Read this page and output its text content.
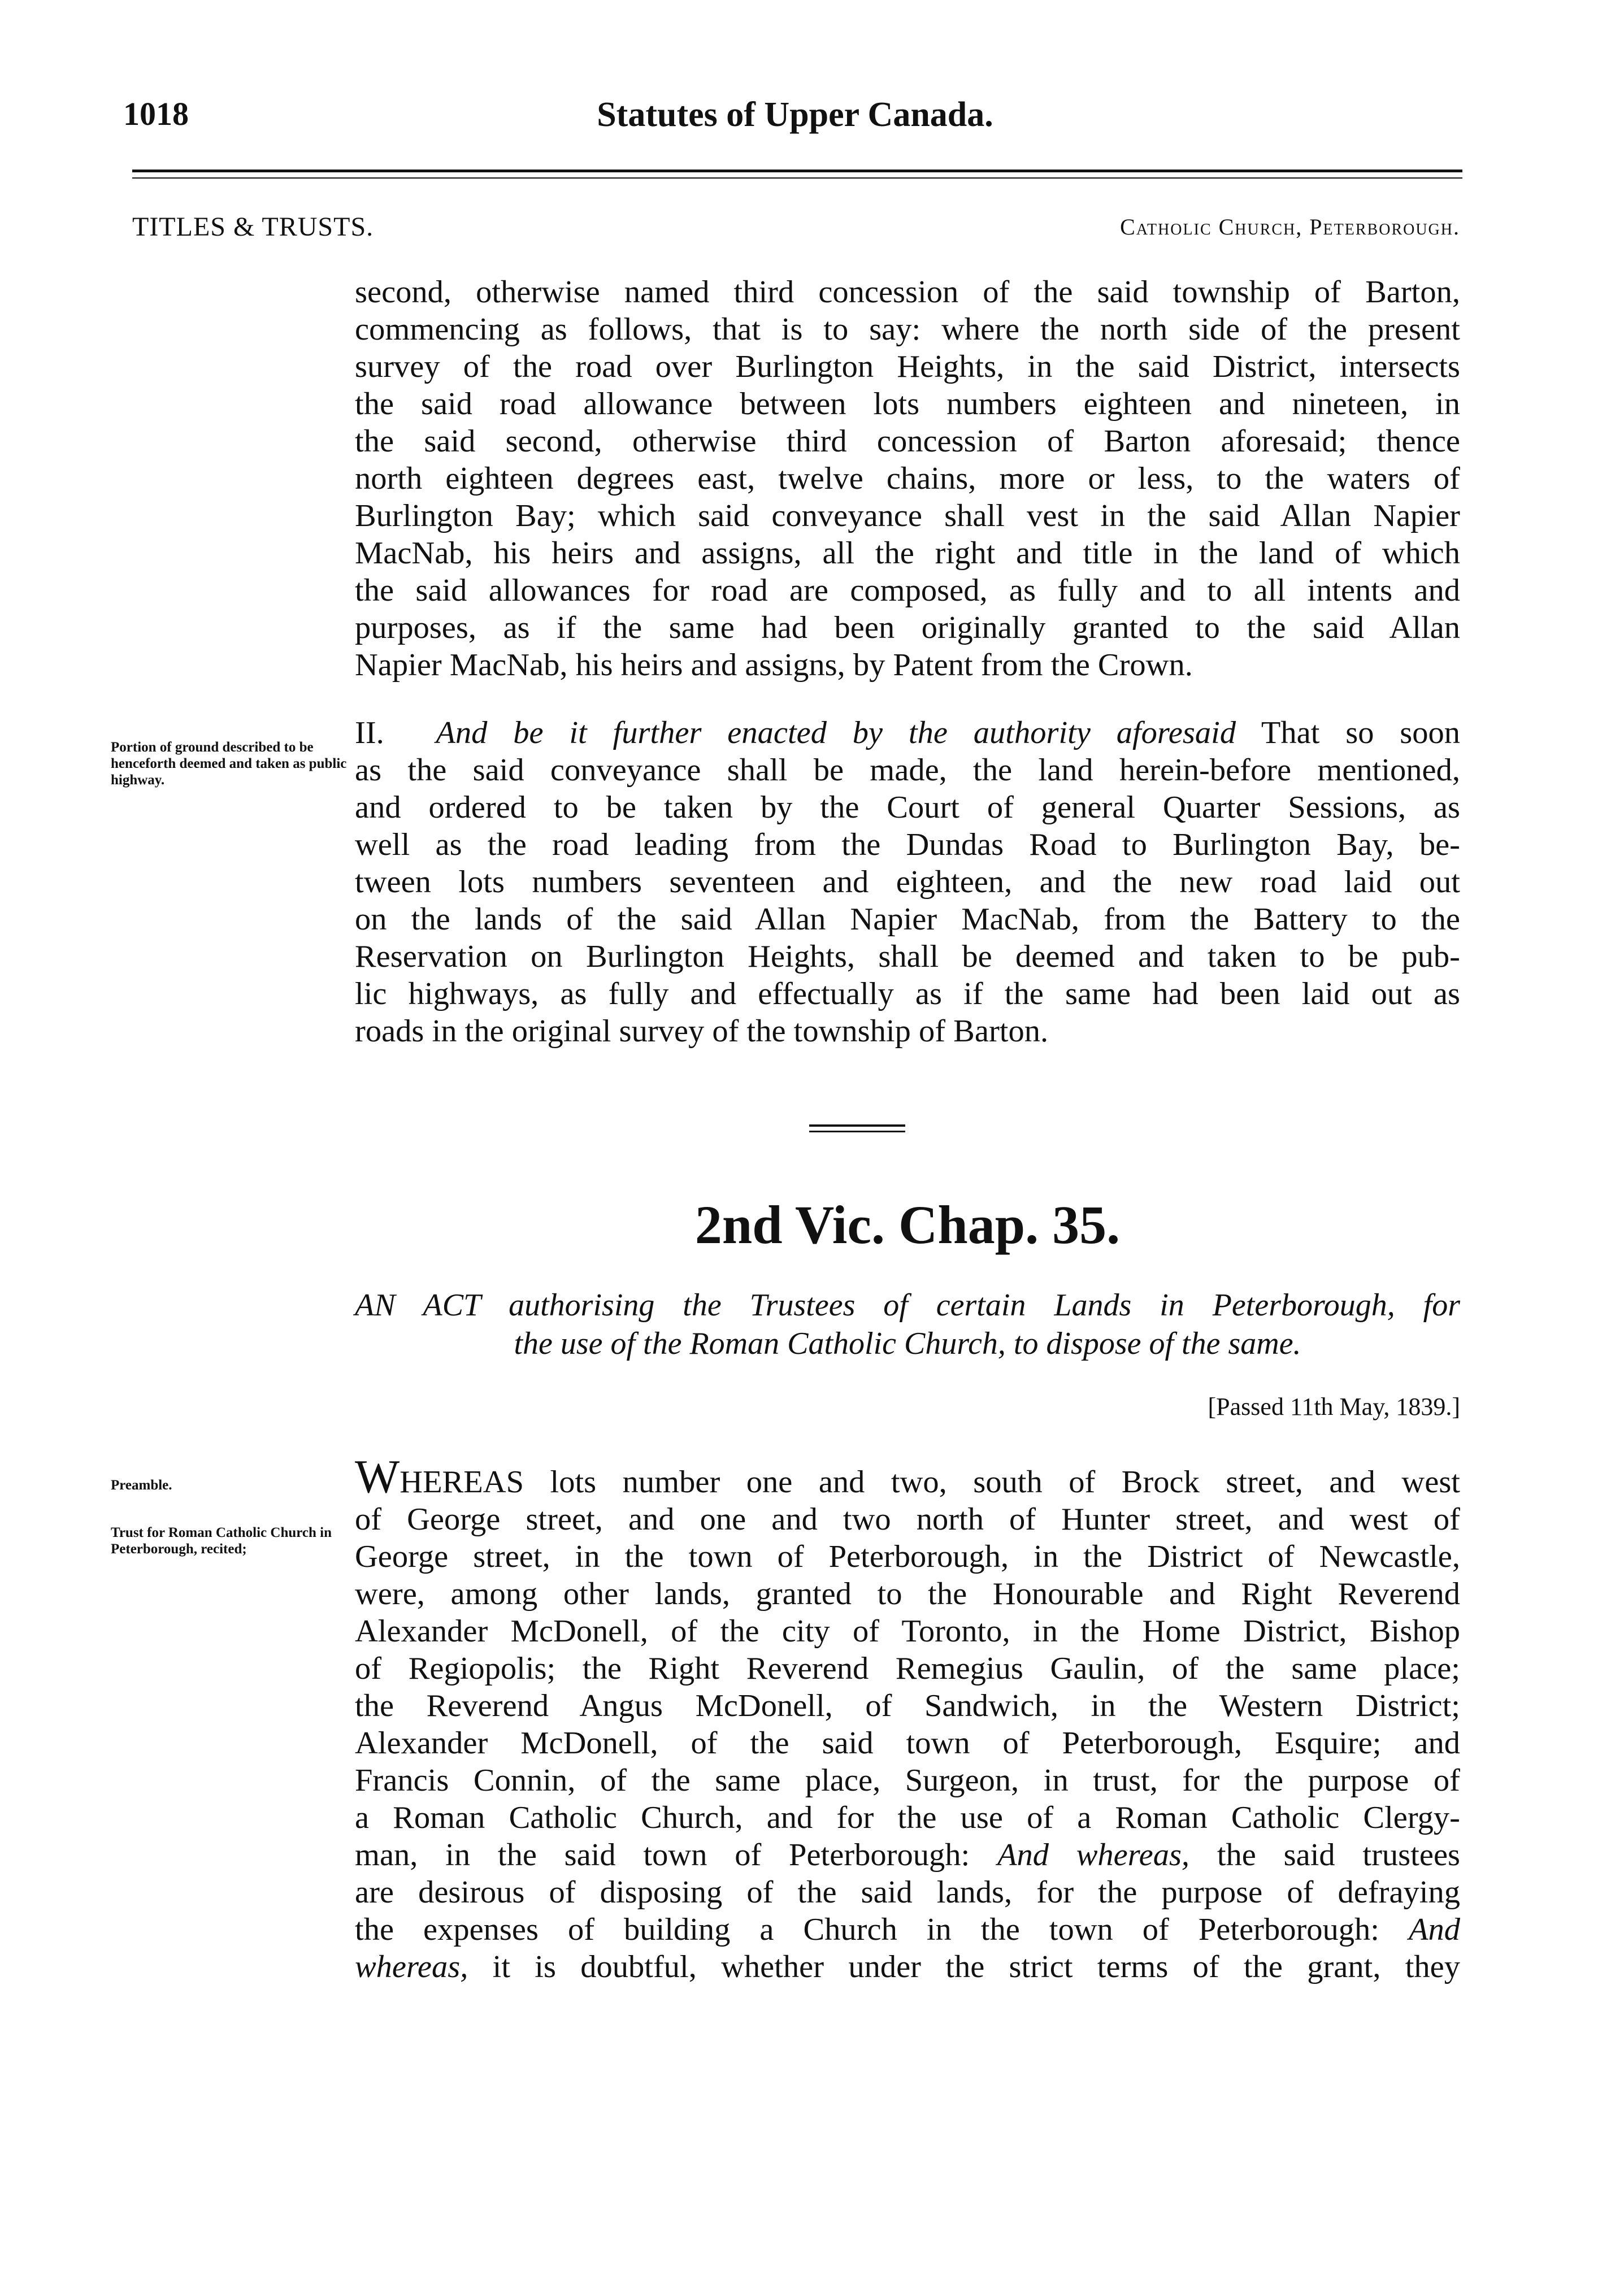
1018	Statutes of Upper Canada.
TITLES & TRUSTS.	Catholic Church, Peterborough.
second, otherwise named third concession of the said township of Barton,
commencing as follows, that is to say: where the north side of the present
survey of the road over Burlington Heights, in the said District, intersects
the said road allowance between lots numbers eighteen and nineteen, in
the said second, otherwise third concession of Barton aforesaid; thence
north eighteen degrees east, twelve chains, more or less, to the waters of
Burlington Bay; which said conveyance shall vest in the said Allan Napier
MacNab, his heirs and assigns, all the right and title in the land of which
the said allowances for road are composed, as fully and to all intents and
purposes, as if the same had been originally granted to the said Allan
Napier MacNab, his heirs and assigns, by Patent from the Crown.
Portion of ground described to be henceforth deemed and taken as public highway.
II. And be it further enacted by the authority aforesaid That so soon
as the said conveyance shall be made, the land herein-before mentioned,
and ordered to be taken by the Court of general Quarter Sessions, as
well as the road leading from the Dundas Road to Burlington Bay, be-
tween lots numbers seventeen and eighteen, and the new road laid out
on the lands of the said Allan Napier MacNab, from the Battery to the
Reservation on Burlington Heights, shall be deemed and taken to be pub-
lic highways, as fully and effectually as if the same had been laid out as
roads in the original survey of the township of Barton.
2nd Vic. Chap. 35.
AN ACT authorising the Trustees of certain Lands in Peterborough, for
the use of the Roman Catholic Church, to dispose of the same.
[Passed 11th May, 1839.]
Preamble.
Trust for Roman Catholic Church in Peterborough, recited;
WHEREAS lots number one and two, south of Brock street, and west
of George street, and one and two north of Hunter street, and west of
George street, in the town of Peterborough, in the District of Newcastle,
were, among other lands, granted to the Honourable and Right Reverend
Alexander McDonell, of the city of Toronto, in the Home District, Bishop
of Regiopolis; the Right Reverend Remegius Gaulin, of the same place;
the Reverend Angus McDonell, of Sandwich, in the Western District;
Alexander McDonell, of the said town of Peterborough, Esquire; and
Francis Connin, of the same place, Surgeon, in trust, for the purpose of
a Roman Catholic Church, and for the use of a Roman Catholic Clergy-
man, in the said town of Peterborough: And whereas, the said trustees
are desirous of disposing of the said lands, for the purpose of defraying
the expenses of building a Church in the town of Peterborough: And
whereas, it is doubtful, whether under the strict terms of the grant, they
